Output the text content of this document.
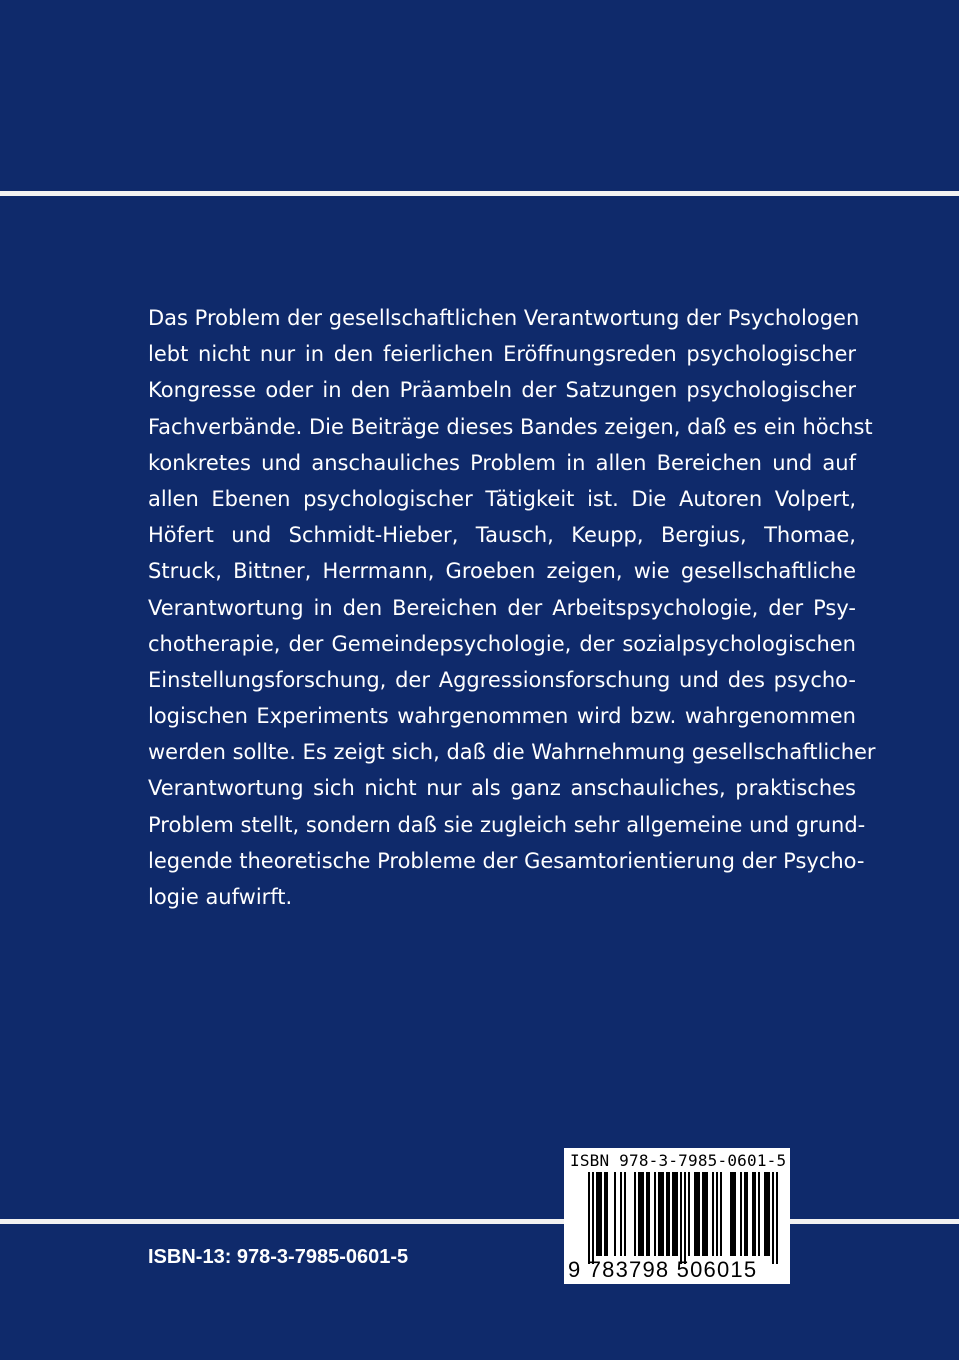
Das Problem der gesellschaftlichen Verantwortung der Psychologen
lebt nicht nur in den feierlichen Eröffnungsreden psychologischer
Kongresse oder in den Präambeln der Satzungen psychologischer
Fachverbände. Die Beiträge dieses Bandes zeigen, daß es ein höchst
konkretes und anschauliches Problem in allen Bereichen und auf
allen Ebenen psychologischer Tätigkeit ist. Die Autoren Volpert,
Höfert und Schmidt-Hieber, Tausch, Keupp, Bergius, Thomae,
Struck, Bittner, Herrmann, Groeben zeigen, wie gesellschaftliche
Verantwortung in den Bereichen der Arbeitspsychologie, der Psy-
chotherapie, der Gemeindepsychologie, der sozialpsychologischen
Einstellungsforschung, der Aggressionsforschung und des psycho-
logischen Experiments wahrgenommen wird bzw. wahrgenommen
werden sollte. Es zeigt sich, daß die Wahrnehmung gesellschaftlicher
Verantwortung sich nicht nur als ganz anschauliches, praktisches
Problem stellt, sondern daß sie zugleich sehr allgemeine und grund-
legende theoretische Probleme der Gesamtorientierung der Psycho-
logie aufwirft.
ISBN-13: 978-3-7985-0601-5
ISBN 978-3-7985-0601-5
9 783798 506015
